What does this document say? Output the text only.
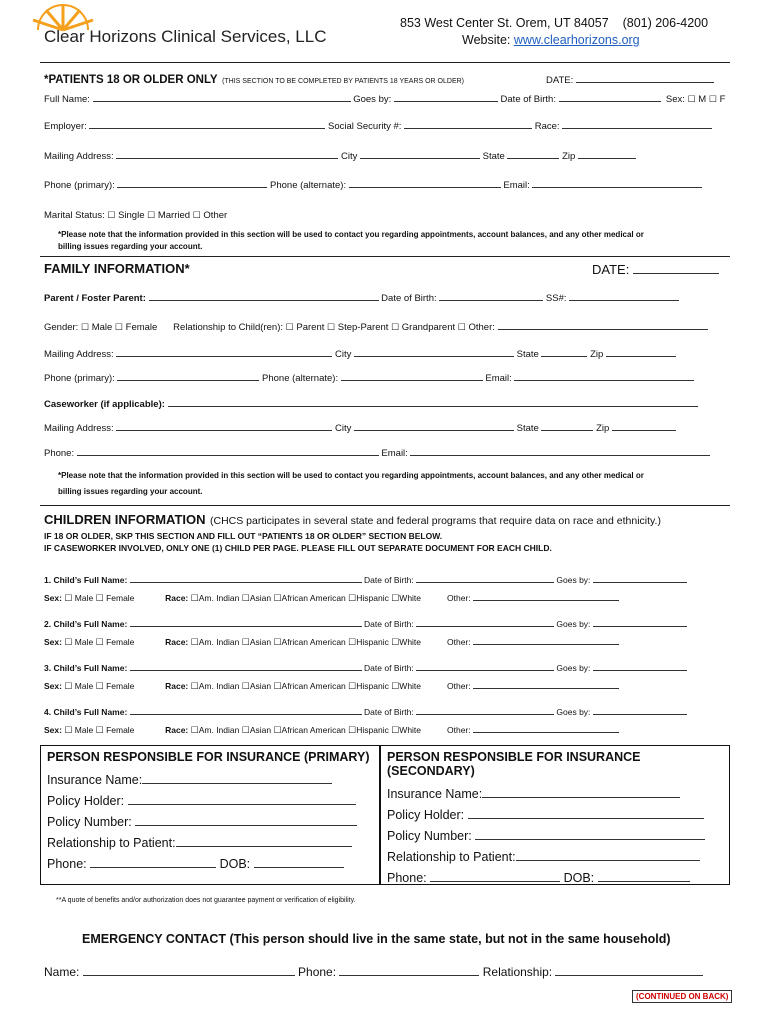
Clear Horizons Clinical Services, LLC
853 West Center St. Orem, UT 84057 (801) 206-4200
Website: www.clearhorizons.org
*PATIENTS 18 OR OLDER ONLY (THIS SECTION TO BE COMPLETED BY PATIENTS 18 YEARS OR OLDER)	DATE:
Full Name:	Goes by:	Date of Birth:	Sex: ☐ M ☐ F
Employer:	Social Security #:	Race:
Mailing Address:	City	State	Zip
Phone (primary):	Phone (alternate):	Email:
Marital Status: ☐ Single ☐ Married ☐ Other
*Please note that the information provided in this section will be used to contact you regarding appointments, account balances, and any other medical or
billing issues regarding your account.
FAMILY INFORMATION*	DATE:
Parent / Foster Parent:	Date of Birth:	SS#:
Gender: ☐ Male ☐ Female Relationship to Child(ren): ☐ Parent ☐ Step-Parent ☐ Grandparent ☐ Other:
Mailing Address:	City	State	Zip
Phone (primary):	Phone (alternate):	Email:
Caseworker (if applicable):
Mailing Address:	City	State	Zip
Phone:	Email:
*Please note that the information provided in this section will be used to contact you regarding appointments, account balances, and any other medical or
billing issues regarding your account.
CHILDREN INFORMATION (CHCS participates in several state and federal programs that require data on race and ethnicity.)
IF 18 OR OLDER, SKP THIS SECTION AND FILL OUT “PATIENTS 18 OR OLDER” SECTION BELOW.
IF CASEWORKER INVOLVED, ONLY ONE (1) CHILD PER PAGE. PLEASE FILL OUT SEPARATE DOCUMENT FOR EACH CHILD.
1. Child’s Full Name:	Date of Birth:	Goes by:
Sex: ☐ Male ☐ Female	Race: ☐Am. Indian ☐Asian ☐African American ☐Hispanic ☐White	Other:
2. Child’s Full Name:	Date of Birth:	Goes by:
Sex: ☐ Male ☐ Female	Race: ☐Am. Indian ☐Asian ☐African American ☐Hispanic ☐White	Other:
3. Child’s Full Name:	Date of Birth:	Goes by:
Sex: ☐ Male ☐ Female	Race: ☐Am. Indian ☐Asian ☐African American ☐Hispanic ☐White	Other:
4. Child’s Full Name:	Date of Birth:	Goes by:
Sex: ☐ Male ☐ Female	Race: ☐Am. Indian ☐Asian ☐African American ☐Hispanic ☐White	Other:
PERSON RESPONSIBLE FOR INSURANCE (PRIMARY)
Insurance Name:
Policy Holder:
Policy Number:
Relationship to Patient:
Phone:	DOB:
PERSON RESPONSIBLE FOR INSURANCE (SECONDARY)
Insurance Name:
Policy Holder:
Policy Number:
Relationship to Patient:
Phone:	DOB:
**A quote of benefits and/or authorization does not guarantee payment or verification of eligibility.
EMERGENCY CONTACT (This person should live in the same state, but not in the same household)
Name:	Phone:	Relationship:
(CONTINUED ON BACK)
